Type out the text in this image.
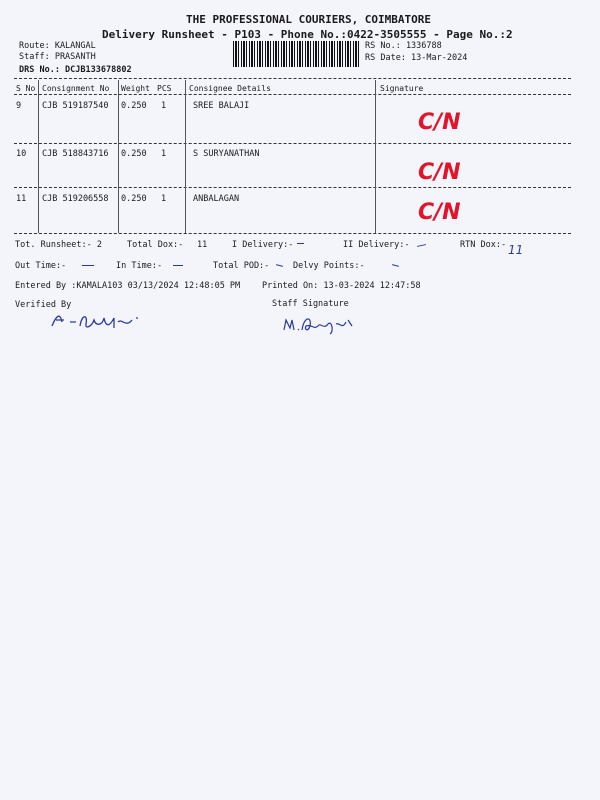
THE PROFESSIONAL COURIERS, COIMBATORE
Delivery Runsheet - P103 - Phone No.:0422-3505555 - Page No.:2
Route: KALANGAL
Staff: PRASANTH
DRS No.: DCJB133678802
RS No.: 1336788
RS Date: 13-Mar-2024
S No Consignment No Weight PCS Consignee Details	Signature
9 CJB 519187540 0.250 1	SREE BALAJI
C/N
10 CJB 518843716 0.250 1	S SURYANATHAN
C/N
11 CJB 519206558 0.250 1	ANBALAGAN
C/N
Tot. Runsheet:- 2	Total Dox:- 11	I Delivery:-	II Delivery:-	RTN Dox:- 11
Out Time:-	In Time:-	Total POD:-	Delvy Points:-
Entered By :KAMALA103 03/13/2024 12:48:05 PM	Printed On: 13-03-2024 12:47:58
Verified By	Staff Signature
